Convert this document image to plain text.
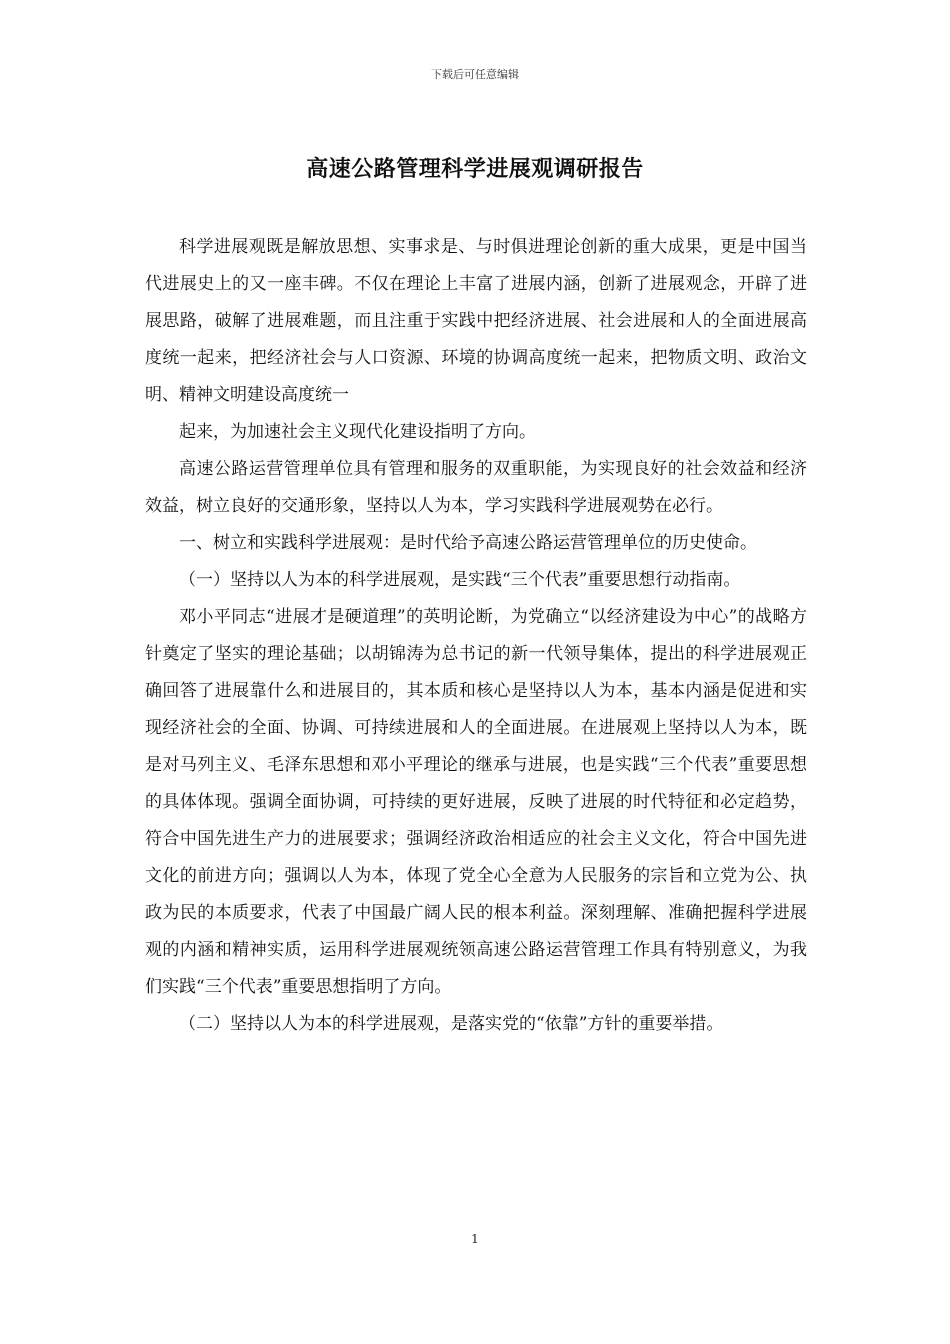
下载后可任意编辑
高速公路管理科学进展观调研报告

科学进展观既是解放思想、实事求是、与时俱进理论创新的重大成果，更是中国当代进展史上的又一座丰碑。不仅在理论上丰富了进展内涵，创新了进展观念，开辟了进展思路，破解了进展难题，而且注重于实践中把经济进展、社会进展和人的全面进展高度统一起来，把经济社会与人口资源、环境的协调高度统一起来，把物质文明、政治文明、精神文明建设高度统一

起来，为加速社会主义现代化建设指明了方向。

高速公路运营管理单位具有管理和服务的双重职能，为实现良好的社会效益和经济效益，树立良好的交通形象，坚持以人为本，学习实践科学进展观势在必行。

一、树立和实践科学进展观：是时代给予高速公路运营管理单位的历史使命。

（一）坚持以人为本的科学进展观，是实践“三个代表”重要思想行动指南。

邓小平同志“进展才是硬道理”的英明论断，为党确立“以经济建设为中心”的战略方针奠定了坚实的理论基础；以胡锦涛为总书记的新一代领导集体，提出的科学进展观正确回答了进展靠什么和进展目的，其本质和核心是坚持以人为本，基本内涵是促进和实现经济社会的全面、协调、可持续进展和人的全面进展。在进展观上坚持以人为本，既是对马列主义、毛泽东思想和邓小平理论的继承与进展，也是实践“三个代表”重要思想的具体体现。强调全面协调，可持续的更好进展，反映了进展的时代特征和必定趋势，符合中国先进生产力的进展要求；强调经济政治相适应的社会主义文化，符合中国先进文化的前进方向；强调以人为本，体现了党全心全意为人民服务的宗旨和立党为公、执政为民的本质要求，代表了中国最广阔人民的根本利益。深刻理解、准确把握科学进展观的内涵和精神实质，运用科学进展观统领高速公路运营管理工作具有特别意义，为我们实践“三个代表”重要思想指明了方向。

（二）坚持以人为本的科学进展观，是落实党的“依靠”方针的重要举措。

1
